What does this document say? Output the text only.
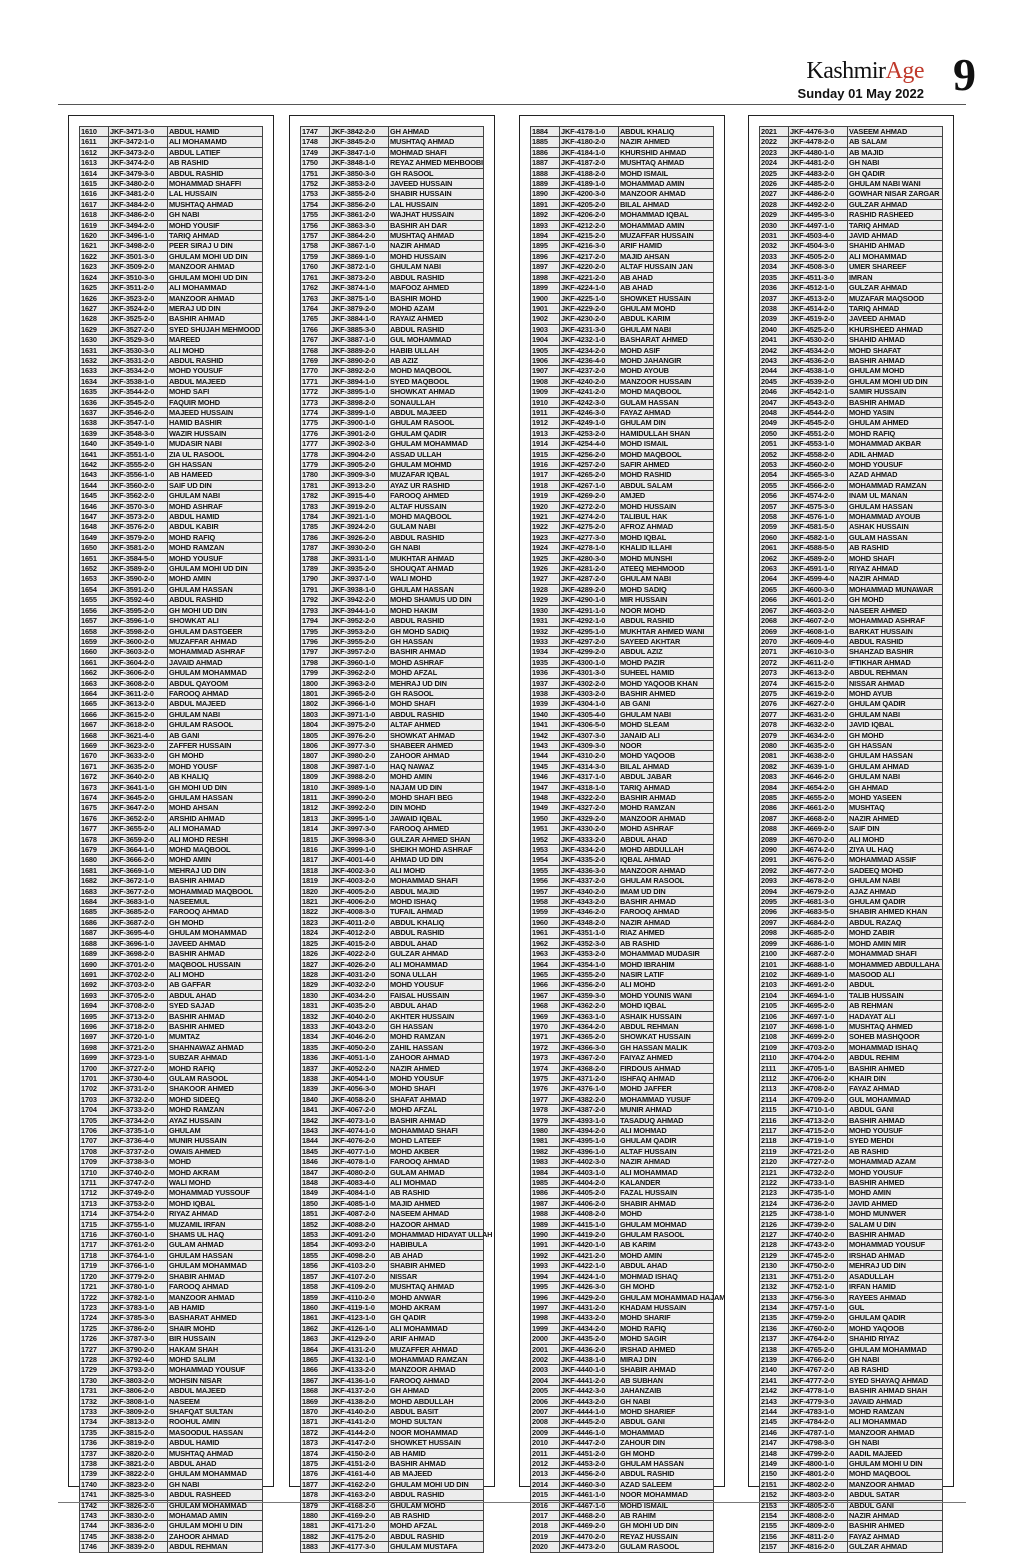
KashmirAge
Sunday 01 May 2022 9
1610	JKF-3471-3-0	ABDUL HAMID
1611	JKF-3472-1-0	ALI MOHAMAMD
1612	JKF-3473-2-0	ABDUL LATIEF
1613	JKF-3474-2-0	AB RASHID
1614	JKF-3479-3-0	ABDUL RASHID
1615	JKF-3480-2-0	MOHAMMAD SHAFFI
1616	JKF-3481-2-0	LAL HUSSAIN
1617	JKF-3484-2-0	MUSHTAQ AHMAD
1618	JKF-3486-2-0	GH NABI
1619	JKF-3494-2-0	MOHD YOUSIF
1620	JKF-3496-1-0	TARIQ AHMAD
1621	JKF-3498-2-0	PEER SIRAJ U DIN
1622	JKF-3501-3-0	GHULAM MOHI UD DIN
1623	JKF-3509-2-0	MANZOOR AHMAD
1624	JKF-3510-3-0	GHULAM MOHI UD DIN
1625	JKF-3511-2-0	ALI MOHAMMAD
1626	JKF-3523-2-0	MANZOOR AHMAD
1627	JKF-3524-2-0	MERAJ UD DIN
1628	JKF-3525-2-0	BASHIR AHMAD
1629	JKF-3527-2-0	SYED SHUJAH MEHMOOD
1630	JKF-3529-3-0	MAREED
1631	JKF-3530-3-0	ALI MOHD
1632	JKF-3531-2-0	ABDUL RASHID
1633	JKF-3534-2-0	MOHD YOUSUF
1634	JKF-3538-1-0	ABDUL MAJEED
1635	JKF-3544-2-0	MOHD SAFI
1636	JKF-3545-2-0	FAQUIR MOHD
1637	JKF-3546-2-0	MAJEED HUSSAIN
1638	JKF-3547-1-0	HAMID BASHIR
1639	JKF-3548-3-0	WAZIR HUSSAIN
1640	JKF-3549-1-0	MUDASIR NABI
1641	JKF-3551-1-0	ZIA UL RASOOL
1642	JKF-3555-2-0	GH HASSAN
1643	JKF-3556-1-0	AB HAMEED
1644	JKF-3560-2-0	SAIF UD DIN
1645	JKF-3562-2-0	GHULAM NABI
1646	JKF-3570-3-0	MOHD ASHRAF
1647	JKF-3573-2-0	ABDUL HAMID
1648	JKF-3576-2-0	ABDUL KABIR
1649	JKF-3579-2-0	MOHD RAFIQ
1650	JKF-3581-2-0	MOHD RAMZAN
1651	JKF-3584-5-0	MOHD YOUSUF
1652	JKF-3589-2-0	GHULAM MOHI UD DIN
1653	JKF-3590-2-0	MOHD AMIN
1654	JKF-3591-2-0	GHULAM HASSAN
1655	JKF-3592-4-0	ABDUL RASHID
1656	JKF-3595-2-0	GH MOHI UD DIN
1657	JKF-3596-1-0	SHOWKAT ALI
1658	JKF-3598-2-0	GHULAM DASTGEER
1659	JKF-3600-2-0	MUZAFFAR AHMAD
1660	JKF-3603-2-0	MOHAMMAD ASHRAF
1661	JKF-3604-2-0	JAVAID AHMAD
1662	JKF-3606-2-0	GHULAM MOHAMMAD
1663	JKF-3608-2-0	ABDUL QAYOOM
1664	JKF-3611-2-0	FAROOQ AHMAD
1665	JKF-3613-2-0	ABDUL MAJEED
1666	JKF-3615-2-0	GHULAM NABI
1667	JKF-3618-2-0	GHULAM RASOOL
1668	JKF-3621-4-0	AB GANI
1669	JKF-3623-2-0	ZAFFER HUSSAIN
1670	JKF-3633-2-0	GH MOHD
1671	JKF-3635-2-0	MOHD YOUSF
1672	JKF-3640-2-0	AB KHALIQ
1673	JKF-3641-1-0	GH MOHI UD DIN
1674	JKF-3645-2-0	GHULAM HASSAN
1675	JKF-3647-2-0	MOHD AHSAN
1676	JKF-3652-2-0	ARSHID AHMAD
1677	JKF-3655-2-0	ALI MOHAMAD
1678	JKF-3659-2-0	ALI MOHD RESHI
1679	JKF-3664-1-0	MOHD MAQBOOL
1680	JKF-3666-2-0	MOHD AMIN
1681	JKF-3669-1-0	MEHRAJ UD DIN
1682	JKF-3672-1-0	BASHIR AHMAD
1683	JKF-3677-2-0	MOHAMMAD MAQBOOL
1684	JKF-3683-1-0	NASEEMUL
1685	JKF-3685-2-0	FAROOQ AHMAD
1686	JKF-3687-2-0	GH MOHD
1687	JKF-3695-4-0	GHULAM MOHAMMAD
1688	JKF-3696-1-0	JAVEED AHMAD
1689	JKF-3698-2-0	BASHIR AHMAD
1690	JKF-3701-2-0	MAQBOOL HUSSAIN
1691	JKF-3702-2-0	ALI MOHD
1692	JKF-3703-2-0	AB GAFFAR
1693	JKF-3705-2-0	ABDUL AHAD
1694	JKF-3708-2-0	SYED SAJAD
1695	JKF-3713-2-0	BASHIR AHMAD
1696	JKF-3718-2-0	BASHIR AHMED
1697	JKF-3720-1-0	MUMTAZ
1698	JKF-3721-2-0	SHAHNAWAZ AHMAD
1699	JKF-3723-1-0	SUBZAR AHMAD
1700	JKF-3727-2-0	MOHD RAFIQ
1701	JKF-3730-4-0	GULAM RASOOL
1702	JKF-3731-2-0	SHAKOOR AHMED
1703	JKF-3732-2-0	MOHD SIDEEQ
1704	JKF-3733-2-0	MOHD RAMZAN
1705	JKF-3734-2-0	AYAZ HUSSAIN
1706	JKF-3735-1-0	GHULAM
1707	JKF-3736-4-0	MUNIR HUSSAIN
1708	JKF-3737-2-0	OWAIS AHMED
1709	JKF-3738-3-0	MOHD
1710	JKF-3740-2-0	MOHD AKRAM
1711	JKF-3747-2-0	WALI MOHD
1712	JKF-3749-2-0	MOHAMMAD YUSSOUF
1713	JKF-3753-2-0	MOHD IQBAL
1714	JKF-3754-2-0	RIYAZ AHMAD
1715	JKF-3755-1-0	MUZAMIL IRFAN
1716	JKF-3760-1-0	SHAMS UL HAQ
1717	JKF-3761-2-0	GULAM AHMAD
1718	JKF-3764-1-0	GHULAM HASSAN
1719	JKF-3766-1-0	GHULAM MOHAMMAD
1720	JKF-3779-2-0	SHABIR AHMAD
1721	JKF-3780-1-0	FAROOQ AHMAD
1722	JKF-3782-1-0	MANZOOR AHMAD
1723	JKF-3783-1-0	AB HAMID
1724	JKF-3785-3-0	BASHARAT AHMED
1725	JKF-3786-2-0	SHAIR MOHD
1726	JKF-3787-3-0	BIR HUSSAIN
1727	JKF-3790-2-0	HAKAM SHAH
1728	JKF-3792-4-0	MOHD SALIM
1729	JKF-3793-2-0	MOHAMMAD YOUSUF
1730	JKF-3803-2-0	MOHSIN NISAR
1731	JKF-3806-2-0	ABDUL MAJEED
1732	JKF-3808-1-0	NASEEM
1733	JKF-3809-2-0	SHAFQAT SULTAN
1734	JKF-3813-2-0	ROOHUL AMIN
1735	JKF-3815-2-0	MASOODUL HASSAN
1736	JKF-3819-2-0	ABDUL HAMID
1737	JKF-3820-2-0	MUSHTAQ AHMAD
1738	JKF-3821-2-0	ABDUL AHAD
1739	JKF-3822-2-0	GHULAM MOHAMMAD
1740	JKF-3823-2-0	GH NABI
1741	JKF-3825-3-0	ABDUL RASHEED
1742	JKF-3826-2-0	GHULAM MOHAMMAD
1743	JKF-3830-2-0	MOHAMAD AMIN
1744	JKF-3836-2-0	GHULAM MOHI U DIN
1745	JKF-3838-2-0	ZAHOOR AHMAD
1746	JKF-3839-2-0	ABDUL REHMAN
1747	JKF-3842-2-0	GH AHMAD
1748	JKF-3845-2-0	MUSHTAQ AHMAD
1749	JKF-3847-1-0	MOHMAD SHAFI
1750	JKF-3848-1-0	REYAZ AHMED MEHBOOBI
1751	JKF-3850-3-0	GH RASOOL
1752	JKF-3853-2-0	JAVEED HUSSAIN
1753	JKF-3855-2-0	SHABIR HUSSAIN
1754	JKF-3856-2-0	LAL HUSSAIN
1755	JKF-3861-2-0	WAJHAT HUSSAIN
1756	JKF-3863-3-0	BASHIR AH DAR
1757	JKF-3864-2-0	MUSHTAQ AHMAD
1758	JKF-3867-1-0	NAZIR AHMAD
1759	JKF-3869-1-0	MOHD HUSSAIN
1760	JKF-3872-1-0	GHULAM NABI
1761	JKF-3873-2-0	ABDUL RASHID
1762	JKF-3874-1-0	MAFOOZ AHMED
1763	JKF-3875-1-0	BASHIR MOHD
1764	JKF-3879-2-0	MOHD AZAM
1765	JKF-3884-1-0	RAYAIZ AHMED
1766	JKF-3885-3-0	ABDUL RASHID
1767	JKF-3887-1-0	GUL MOHAMMAD
1768	JKF-3889-2-0	HABIB ULLAH
1769	JKF-3890-2-0	AB AZIZ
1770	JKF-3892-2-0	MOHD MAQBOOL
1771	JKF-3894-1-0	SYED MAQBOOL
1772	JKF-3895-1-0	SHOWKAT AHMAD
1773	JKF-3898-2-0	SONAULLAH
1774	JKF-3899-1-0	ABDUL MAJEED
1775	JKF-3900-1-0	GHULAM RASOOL
1776	JKF-3901-2-0	GHULAM QADIR
1777	JKF-3902-3-0	GHULAM MOHAMMAD
1778	JKF-3904-2-0	ASSAD ULLAH
1779	JKF-3905-2-0	GHULAM MOHMD
1780	JKF-3909-3-0	MUZAFAR IQBAL
1781	JKF-3913-2-0	AYAZ UR RASHID
1782	JKF-3915-4-0	FAROOQ AHMED
1783	JKF-3919-2-0	ALTAF HUSSAIN
1784	JKF-3921-1-0	MOHD MAQBOOL
1785	JKF-3924-2-0	GULAM NABI
1786	JKF-3926-2-0	ABDUL RASHID
1787	JKF-3930-2-0	GH NABI
1788	JKF-3931-1-0	MUKHTAR AHMAD
1789	JKF-3935-2-0	SHOUQAT AHMAD
1790	JKF-3937-1-0	WALI MOHD
1791	JKF-3938-1-0	GHULAM HASSAN
1792	JKF-3942-2-0	MOHD SHAMUS UD DIN
1793	JKF-3944-1-0	MOHD HAKIM
1794	JKF-3952-2-0	ABDUL RASHID
1795	JKF-3953-2-0	GH MOHD SADIQ
1796	JKF-3955-2-0	GH HASSAN
1797	JKF-3957-2-0	BASHIR AHMAD
1798	JKF-3960-1-0	MOHD ASHRAF
1799	JKF-3962-2-0	MOHD AFZAL
1800	JKF-3963-2-0	MEHRAJ UD DIN
1801	JKF-3965-2-0	GH RASOOL
1802	JKF-3966-1-0	MOHD SHAFI
1803	JKF-3971-1-0	ABDUL RASHID
1804	JKF-3975-2-0	ALTAF AHMED
1805	JKF-3976-2-0	SHOWKAT AHMAD
1806	JKF-3977-3-0	SHABEER AHMED
1807	JKF-3980-2-0	ZAHOOR AHMAD
1808	JKF-3987-1-0	HAQ NAWAZ
1809	JKF-3988-2-0	MOHD AMIN
1810	JKF-3989-1-0	NAJAM UD DIN
1811	JKF-3990-2-0	MOHD SHAFI BEG
1812	JKF-3992-2-0	DIN MOHD
1813	JKF-3995-1-0	JAWAID IQBAL
1814	JKF-3997-3-0	FAROOQ AHMED
1815	JKF-3998-3-0	GULZAR AHMED SHAN
1816	JKF-3999-1-0	SHEIKH MOHD ASHRAF
1817	JKF-4001-4-0	AHMAD UD DIN
1818	JKF-4002-3-0	ALI MOHD
1819	JKF-4003-2-0	MOHAMMAD SHAFI
1820	JKF-4005-2-0	ABDUL MAJID
1821	JKF-4006-2-0	MOHD ISHAQ
1822	JKF-4008-3-0	TUFAIL AHMAD
1823	JKF-4011-2-0	ABDUL KHALIQ
1824	JKF-4012-2-0	ABDUL RASHID
1825	JKF-4015-2-0	ABDUL AHAD
1826	JKF-4022-2-0	GULZAR AHMAD
1827	JKF-4026-2-0	ALI MOHAMMAD
1828	JKF-4031-2-0	SONA ULLAH
1829	JKF-4032-2-0	MOHD YOUSUF
1830	JKF-4034-2-0	FAISAL HUSSAIN
1831	JKF-4035-2-0	ABDUL AHAD
1832	JKF-4040-2-0	AKHTER HUSSAIN
1833	JKF-4043-2-0	GH HASSAN
1834	JKF-4046-2-0	MOHD RAMZAN
1835	JKF-4050-2-0	ZAHIL HASSAN
1836	JKF-4051-1-0	ZAHOOR AHMAD
1837	JKF-4052-2-0	NAZIR AHMED
1838	JKF-4054-1-0	MOHD YOUSUF
1839	JKF-4056-3-0	MOHD SHAFI
1840	JKF-4058-2-0	SHAFAT AHMAD
1841	JKF-4067-2-0	MOHD AFZAL
1842	JKF-4073-1-0	BASHIR AHMAD
1843	JKF-4074-1-0	MOHAMMAD SHAFI
1844	JKF-4076-2-0	MOHD LATEEF
1845	JKF-4077-1-0	MOHD AKBER
1846	JKF-4078-1-0	FAROOQ AHMAD
1847	JKF-4080-2-0	GULAM AHMAD
1848	JKF-4083-4-0	ALI MOHMAD
1849	JKF-4084-1-0	AB RASHID
1850	JKF-4085-1-0	MAJID AHMED
1851	JKF-4087-2-0	NASEEM AHMAD
1852	JKF-4088-2-0	HAZOOR AHMAD
1853	JKF-4091-2-0	MOHAMMAD HIDAYAT ULLAH
1854	JKF-4093-2-0	HABIBULA
1855	JKF-4098-2-0	AB AHAD
1856	JKF-4103-2-0	SHABIR AHMED
1857	JKF-4107-2-0	NISSAR
1858	JKF-4109-2-0	MUSHTAQ AHMAD
1859	JKF-4110-2-0	MOHD ANWAR
1860	JKF-4119-1-0	MOHD AKRAM
1861	JKF-4123-1-0	GH QADIR
1862	JKF-4126-1-0	ALI MOHAMMAD
1863	JKF-4129-2-0	ARIF AHMAD
1864	JKF-4131-2-0	MUZAFFER AHMAD
1865	JKF-4132-1-0	MOHAMMAD RAMZAN
1866	JKF-4133-2-0	MANZOOR AHMAD
1867	JKF-4136-1-0	FAROOQ AHMAD
1868	JKF-4137-2-0	GH AHMAD
1869	JKF-4138-2-0	MOHD ABDULLAH
1870	JKF-4140-2-0	ABDUL BASIT
1871	JKF-4141-2-0	MOHD SULTAN
1872	JKF-4144-2-0	NOOR MOHAMMAD
1873	JKF-4147-2-0	SHOWKET HUSSAIN
1874	JKF-4150-2-0	AB HAMID
1875	JKF-4151-2-0	BASHIR AHMAD
1876	JKF-4161-4-0	AB MAJEED
1877	JKF-4162-2-0	GHULAM MOHI UD DIN
1878	JKF-4163-2-0	ABDUL RASHID
1879	JKF-4168-2-0	GHULAM MOHD
1880	JKF-4169-2-0	AB RASHID
1881	JKF-4171-2-0	MOHD AFZAL
1882	JKF-4175-2-0	ABDUL RASHID
1883	JKF-4177-3-0	GHULAM MUSTAFA
1884	JKF-4178-1-0	ABDUL KHALIQ
1885	JKF-4180-2-0	NAZIR AHMED
1886	JKF-4184-1-0	KHURSHID AHMAD
1887	JKF-4187-2-0	MUSHTAQ AHMAD
1888	JKF-4188-2-0	MOHD ISMAIL
1889	JKF-4189-1-0	MOHAMMAD AMIN
1890	JKF-4200-3-0	MANZOOR AHMAD
1891	JKF-4205-2-0	BILAL AHMAD
1892	JKF-4206-2-0	MOHAMMAD IQBAL
1893	JKF-4212-2-0	MOHAMMAD AMIN
1894	JKF-4215-2-0	MUZAFFAR HUSSAIN
1895	JKF-4216-3-0	ARIF HAMID
1896	JKF-4217-2-0	MAJID AHSAN
1897	JKF-4220-2-0	ALTAF HUSSAIN JAN
1898	JKF-4221-2-0	AB AHAD
1899	JKF-4224-1-0	AB AHAD
1900	JKF-4225-1-0	SHOWKET HUSSAIN
1901	JKF-4229-2-0	GHULAM MOHD
1902	JKF-4230-2-0	ABDUL KARIM
1903	JKF-4231-3-0	GHULAM NABI
1904	JKF-4232-1-0	BASHARAT AHMED
1905	JKF-4234-2-0	MOHD ASIF
1906	JKF-4236-4-0	MOHD JAHANGIR
1907	JKF-4237-2-0	MOHD AYOUB
1908	JKF-4240-2-0	MANZOOR HUSSAIN
1909	JKF-4241-2-0	MOHD MAQBOOL
1910	JKF-4242-3-0	GULAM HASSAN
1911	JKF-4246-3-0	FAYAZ AHMAD
1912	JKF-4249-1-0	GHULAM DIN
1913	JKF-4253-2-0	HAMIDULLAH SHAN
1914	JKF-4254-4-0	MOHD ISMAIL
1915	JKF-4256-2-0	MOHD MAQBOOL
1916	JKF-4257-2-0	SAFIR AHMED
1917	JKF-4265-2-0	MOHD RASHID
1918	JKF-4267-1-0	ABDUL SALAM
1919	JKF-4269-2-0	AMJED
1920	JKF-4272-2-0	MOHD HUSSAIN
1921	JKF-4274-2-0	TALIBUL HAK
1922	JKF-4275-2-0	AFROZ AHMAD
1923	JKF-4277-3-0	MOHD IQBAL
1924	JKF-4278-1-0	KHALID ILLAHI
1925	JKF-4280-3-0	MOHD MUNSHI
1926	JKF-4281-2-0	ATEEQ MEHMOOD
1927	JKF-4287-2-0	GHULAM NABI
1928	JKF-4289-2-0	MOHD SADIQ
1929	JKF-4290-1-0	MIR HUSSAIN
1930	JKF-4291-1-0	NOOR MOHD
1931	JKF-4292-1-0	ABDUL RASHID
1932	JKF-4295-1-0	MUKHTAR AHMED WANI
1933	JKF-4297-2-0	SAYEED AKHTAR
1934	JKF-4299-2-0	ABDUL AZIZ
1935	JKF-4300-1-0	MOHD PAZIR
1936	JKF-4301-3-0	SUHEEL HAMID
1937	JKF-4302-2-0	MOHD YAQOOB KHAN
1938	JKF-4303-2-0	BASHIR AHMED
1939	JKF-4304-1-0	AB GANI
1940	JKF-4305-4-0	GHULAM NABI
1941	JKF-4306-5-0	MOHD SLEAM
1942	JKF-4307-3-0	JANAID ALI
1943	JKF-4309-3-0	NOOR
1944	JKF-4310-2-0	MOHD YAQOOB
1945	JKF-4314-3-0	BILAL AHMAD
1946	JKF-4317-1-0	ABDUL JABAR
1947	JKF-4318-1-0	TARIQ AHMAD
1948	JKF-4322-2-0	BASHIR AHMAD
1949	JKF-4327-2-0	MOHD RAMZAN
1950	JKF-4329-2-0	MANZOOR AHMAD
1951	JKF-4330-2-0	MOHD ASHRAF
1952	JKF-4333-2-0	ABDUL AHAD
1953	JKF-4334-2-0	MOHD ABDULLAH
1954	JKF-4335-2-0	IQBAL AHMAD
1955	JKF-4336-3-0	MANZOOR AHMAD
1956	JKF-4337-2-0	GHULAM RASOOL
1957	JKF-4340-2-0	IMAM UD DIN
1958	JKF-4343-2-0	BASHIR AHMAD
1959	JKF-4346-2-0	FAROOQ AHMAD
1960	JKF-4348-2-0	NAZIR AHMAD
1961	JKF-4351-1-0	RIAZ AHMED
1962	JKF-4352-3-0	AB RASHID
1963	JKF-4353-2-0	MOHAMMAD MUDASIR
1964	JKF-4354-1-0	MOHD IBRAHIM
1965	JKF-4355-2-0	NASIR LATIF
1966	JKF-4356-2-0	ALI MOHD
1967	JKF-4359-3-0	MOHD YOUNIS WANI
1968	JKF-4362-2-0	MOHD IQBAL
1969	JKF-4363-1-0	ASHAIK HUSSAIN
1970	JKF-4364-2-0	ABDUL REHMAN
1971	JKF-4365-2-0	SHOWKAT HUSSAIN
1972	JKF-4366-3-0	GH HASSAN MALIK
1973	JKF-4367-2-0	FAIYAZ AHMED
1974	JKF-4368-2-0	FIRDOUS AHMAD
1975	JKF-4371-2-0	ISHFAQ AHMAD
1976	JKF-4376-1-0	MOHD JAFFER
1977	JKF-4382-2-0	MOHAMMAD YUSUF
1978	JKF-4387-2-0	MUNIR AHMAD
1979	JKF-4393-1-0	TASADUQ AHMAD
1980	JKF-4394-2-0	ALI MOHMAD
1981	JKF-4395-1-0	GHULAM QADIR
1982	JKF-4396-1-0	ALTAF HUSSAIN
1983	JKF-4402-3-0	NAZIR AHMAD
1984	JKF-4403-1-0	ALI MOHAMMAD
1985	JKF-4404-2-0	KALANDER
1986	JKF-4405-2-0	FAZAL HUSSAIN
1987	JKF-4406-2-0	SHABIR AHMAD
1988	JKF-4408-2-0	MOHD
1989	JKF-4415-1-0	GHULAM MOHMAD
1990	JKF-4419-2-0	GHULAM RASOOL
1991	JKF-4420-1-0	AB KARIM
1992	JKF-4421-2-0	MOHD AMIN
1993	JKF-4422-1-0	ABDUL AHAD
1994	JKF-4424-1-0	MOHMAD ISHAQ
1995	JKF-4426-3-0	GH MOHD
1996	JKF-4429-2-0	GHULAM MOHAMMAD HAJAM
1997	JKF-4431-2-0	KHADAM HUSSAIN
1998	JKF-4433-2-0	MOHD SHARIF
1999	JKF-4434-2-0	MOHD RAFIQ
2000	JKF-4435-2-0	MOHD SAGIR
2001	JKF-4436-2-0	IRSHAD AHMED
2002	JKF-4438-1-0	MIRAJ DIN
2003	JKF-4440-1-0	SHABIR AHMAD
2004	JKF-4441-2-0	AB SUBHAN
2005	JKF-4442-3-0	JAHANZAIB
2006	JKF-4443-2-0	GH NABI
2007	JKF-4444-1-0	MOHD SHARIEF
2008	JKF-4445-2-0	ABDUL GANI
2009	JKF-4446-1-0	MOHAMMAD
2010	JKF-4447-2-0	ZAHOUR DIN
2011	JKF-4451-2-0	GH MOHD
2012	JKF-4453-2-0	GHULAM HASSAN
2013	JKF-4456-2-0	ABDUL RASHID
2014	JKF-4460-3-0	AZAD SALEEM
2015	JKF-4461-1-0	NOOR MOHAMMAD
2016	JKF-4467-1-0	MOHD ISMAIL
2017	JKF-4468-2-0	AB RAHIM
2018	JKF-4469-2-0	GH MOHI UD DIN
2019	JKF-4470-2-0	REYAZ HUSSAIN
2020	JKF-4473-2-0	GULAM RASOOL
2021	JKF-4476-3-0	VASEEM AHMAD
2022	JKF-4478-2-0	AB SALAM
2023	JKF-4480-1-0	AB MAJID
2024	JKF-4481-2-0	GH NABI
2025	JKF-4483-2-0	GH QADIR
2026	JKF-4485-2-0	GHULAM NABI WANI
2027	JKF-4486-2-0	GOWHAR NISAR ZARGAR
2028	JKF-4492-2-0	GULZAR AHMAD
2029	JKF-4495-3-0	RASHID RASHEED
2030	JKF-4497-1-0	TARIQ AHMAD
2031	JKF-4503-4-0	JAVID AHMAD
2032	JKF-4504-3-0	SHAHID AHMAD
2033	JKF-4505-2-0	ALI MOHAMMAD
2034	JKF-4508-3-0	UMER SHAREEF
2035	JKF-4511-3-0	IMRAN
2036	JKF-4512-1-0	GULZAR AHMAD
2037	JKF-4513-2-0	MUZAFAR MAQSOOD
2038	JKF-4514-2-0	TARIQ AHMAD
2039	JKF-4519-2-0	JAVEED AHMAD
2040	JKF-4525-2-0	KHURSHEED AHMAD
2041	JKF-4530-2-0	SHAHID AHMAD
2042	JKF-4534-2-0	MOHD SHAFAT
2043	JKF-4536-2-0	BASHIR AHMAD
2044	JKF-4538-1-0	GHULAM MOHD
2045	JKF-4539-2-0	GHULAM MOHI UD DIN
2046	JKF-4542-1-0	SAMIR HUSSAIN
2047	JKF-4543-2-0	BASHIR AHMAD
2048	JKF-4544-2-0	MOHD YASIN
2049	JKF-4545-2-0	GHULAM AHMED
2050	JKF-4551-2-0	MOHD RAFIQ
2051	JKF-4553-1-0	MOHAMMAD AKBAR
2052	JKF-4558-2-0	ADIL AHMAD
2053	JKF-4560-2-0	MOHD YOUSUF
2054	JKF-4565-3-0	AZAD AHMAD
2055	JKF-4566-2-0	MOHAMMAD RAMZAN
2056	JKF-4574-2-0	INAM UL MANAN
2057	JKF-4575-3-0	GHULAM HASSAN
2058	JKF-4576-1-0	MOHAMMAD AYOUB
2059	JKF-4581-5-0	ASHAK HUSSAIN
2060	JKF-4582-1-0	GULAM HASSAN
2061	JKF-4588-5-0	AB RASHID
2062	JKF-4589-2-0	MOHD SHAFI
2063	JKF-4591-1-0	RIYAZ AHMAD
2064	JKF-4599-4-0	NAZIR AHMAD
2065	JKF-4600-3-0	MOHAMMAD MUNAWAR
2066	JKF-4601-2-0	GH MOHD
2067	JKF-4603-2-0	NASEER AHMED
2068	JKF-4607-2-0	MOHAMMAD ASHRAF
2069	JKF-4608-1-0	BARKAT HUSSAIN
2070	JKF-4609-4-0	ABDUL RASHID
2071	JKF-4610-3-0	SHAHZAD BASHIR
2072	JKF-4611-2-0	IFTIKHAR AHMAD
2073	JKF-4613-2-0	ABDUL REHMAN
2074	JKF-4615-2-0	NISSAR AHMAD
2075	JKF-4619-2-0	MOHD AYUB
2076	JKF-4627-2-0	GHULAM QADIR
2077	JKF-4631-2-0	GHULAM NABI
2078	JKF-4632-2-0	JAVID IQBAL
2079	JKF-4634-2-0	GH MOHD
2080	JKF-4635-2-0	GH HASSAN
2081	JKF-4638-2-0	GHULAM HASSAN
2082	JKF-4639-1-0	GHULAM AHMAD
2083	JKF-4646-2-0	GHULAM NABI
2084	JKF-4654-2-0	GH AHMAD
2085	JKF-4655-2-0	MOHD YASEEN
2086	JKF-4661-2-0	MUSHTAQ
2087	JKF-4668-2-0	NAZIR AHMED
2088	JKF-4669-2-0	SAIF DIN
2089	JKF-4670-2-0	ALI MOHD
2090	JKF-4674-2-0	ZIYA UL HAQ
2091	JKF-4676-2-0	MOHAMMAD ASSIF
2092	JKF-4677-2-0	SADEEQ MOHD
2093	JKF-4678-2-0	GHULAM NABI
2094	JKF-4679-2-0	AJAZ AHMAD
2095	JKF-4681-3-0	GHULAM QADIR
2096	JKF-4683-5-0	SHABIR AHMED KHAN
2097	JKF-4684-2-0	ABDUL RAZAQ
2098	JKF-4685-2-0	MOHD ZABIR
2099	JKF-4686-1-0	MOHD AMIN MIR
2100	JKF-4687-2-0	MOHAMMAD SHAFI
2101	JKF-4688-1-0	MOHAMMED ABDULLAHA
2102	JKF-4689-1-0	MASOOD ALI
2103	JKF-4691-2-0	ABDUL
2104	JKF-4694-1-0	TALIB HUSSAIN
2105	JKF-4695-2-0	AB REHMAN
2106	JKF-4697-1-0	HADAYAT ALI
2107	JKF-4698-1-0	MUSHTAQ AHMED
2108	JKF-4699-2-0	SOHEB MASHQOOR
2109	JKF-4703-2-0	MOHAMMAD ISHAQ
2110	JKF-4704-2-0	ABDUL REHIM
2111	JKF-4705-1-0	BASHIR AHMED
2112	JKF-4706-2-0	KHAIR DIN
2113	JKF-4708-2-0	FAYAZ AHMAD
2114	JKF-4709-2-0	GUL MOHAMMAD
2115	JKF-4710-1-0	ABDUL GANI
2116	JKF-4713-2-0	BASHIR AHMAD
2117	JKF-4715-2-0	MOHD YOUSUF
2118	JKF-4719-1-0	SYED MEHDI
2119	JKF-4721-2-0	AB RASHID
2120	JKF-4727-2-0	MOHAMMAD AZAM
2121	JKF-4732-2-0	MOHD YOUSUF
2122	JKF-4733-1-0	BASHIR AHMED
2123	JKF-4735-1-0	MOHD AMIN
2124	JKF-4736-2-0	JAVID AHMED
2125	JKF-4738-1-0	MOHD MUNWER
2126	JKF-4739-2-0	SALAM U DIN
2127	JKF-4740-2-0	BASHIR AHMAD
2128	JKF-4743-2-0	MOHAMMAD YOUSUF
2129	JKF-4745-2-0	IRSHAD AHMAD
2130	JKF-4750-2-0	MEHRAJ UD DIN
2131	JKF-4751-2-0	ASADULLAH
2132	JKF-4752-1-0	IRFAN HAMID
2133	JKF-4756-3-0	RAYEES AHMAD
2134	JKF-4757-1-0	GUL
2135	JKF-4759-2-0	GHULAM QADIR
2136	JKF-4760-2-0	MOHD YAQOOB
2137	JKF-4764-2-0	SHAHID RIYAZ
2138	JKF-4765-2-0	GHULAM MOHAMMAD
2139	JKF-4766-2-0	GH NABI
2140	JKF-4767-2-0	AB RASHID
2141	JKF-4777-2-0	SYED SHAYAQ AHMAD
2142	JKF-4778-1-0	BASHIR AHMAD SHAH
2143	JKF-4779-3-0	JAVAID AHMAD
2144	JKF-4783-1-0	MOHD RAMZAN
2145	JKF-4784-2-0	ALI MOHAMMAD
2146	JKF-4787-1-0	MANZOOR AHMAD
2147	JKF-4798-3-0	GH NABI
2148	JKF-4799-2-0	AADIL MAJEED
2149	JKF-4800-1-0	GHULAM MOHI U DIN
2150	JKF-4801-2-0	MOHD MAQBOOL
2151	JKF-4802-2-0	MANZOOR AHMAD
2152	JKF-4803-2-0	ABDUL SATAR
2153	JKF-4805-2-0	ABDUL GANI
2154	JKF-4808-2-0	NAZIR AHMAD
2155	JKF-4809-2-0	BASHIR AHMED
2156	JKF-4811-2-0	FAYAZ AHMAD
2157	JKF-4816-2-0	GULZAR AHMAD
